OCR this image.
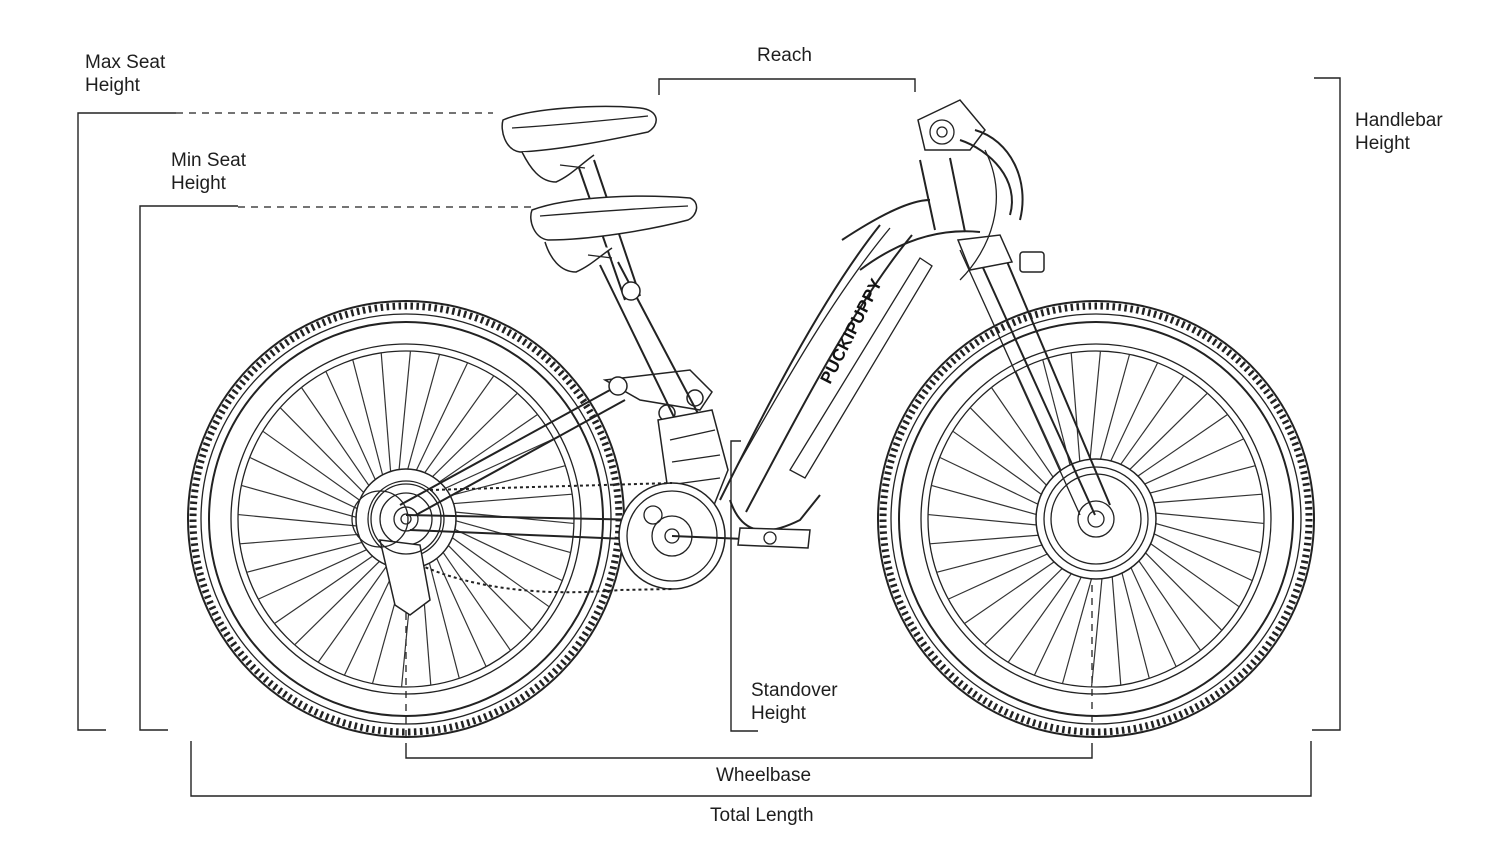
PUCKIPUPPY
Reach
Max Seat
Height
Min Seat
Height
Handlebar
Height
Standover
Height
Wheelbase
Total Length
